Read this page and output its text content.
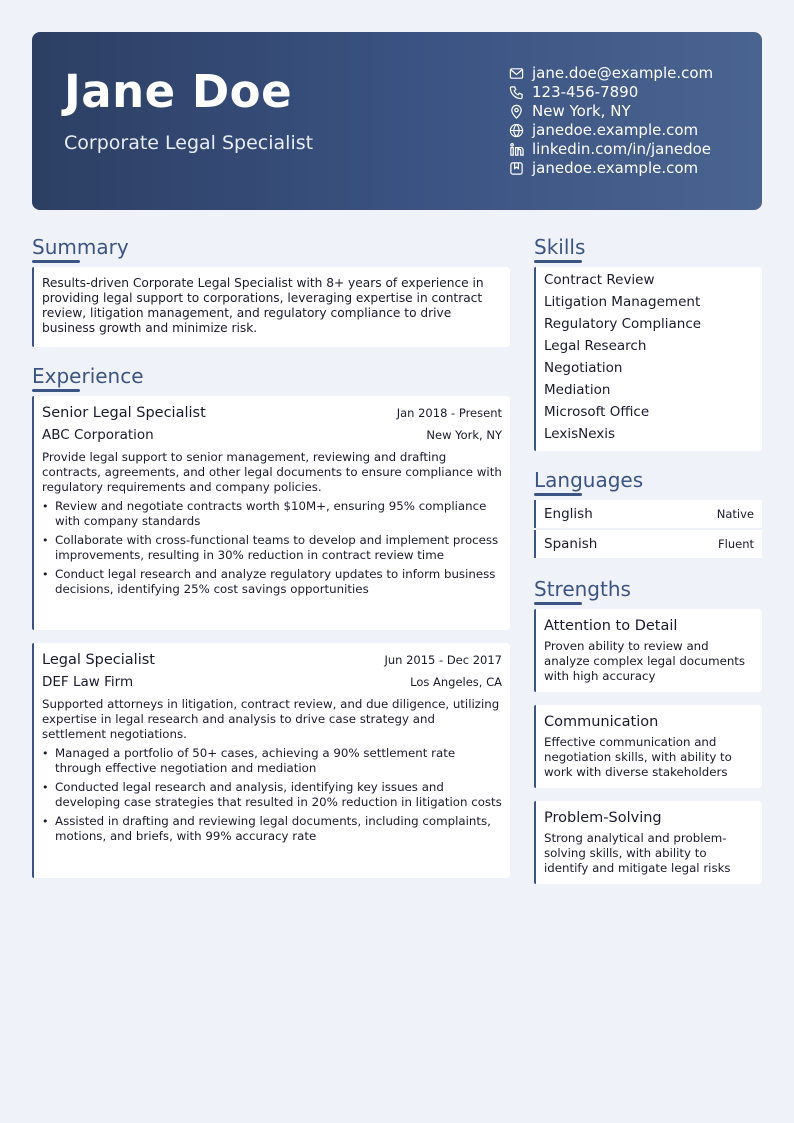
Jane Doe
Corporate Legal Specialist
jane.doe@example.com
123-456-7890
New York, NY
janedoe.example.com
linkedin.com/in/janedoe
janedoe.example.com
Summary
Results-driven Corporate Legal Specialist with 8+ years of experience in providing legal support to corporations, leveraging expertise in contract review, litigation management, and regulatory compliance to drive business growth and minimize risk.
Experience
Senior Legal Specialist	Jan 2018 - Present
ABC Corporation	New York, NY
Provide legal support to senior management, reviewing and drafting contracts, agreements, and other legal documents to ensure compliance with regulatory requirements and company policies.
• Review and negotiate contracts worth $10M+, ensuring 95% compliance with company standards
• Collaborate with cross-functional teams to develop and implement process improvements, resulting in 30% reduction in contract review time
• Conduct legal research and analyze regulatory updates to inform business decisions, identifying 25% cost savings opportunities
Legal Specialist	Jun 2015 - Dec 2017
DEF Law Firm	Los Angeles, CA
Supported attorneys in litigation, contract review, and due diligence, utilizing expertise in legal research and analysis to drive case strategy and settlement negotiations.
• Managed a portfolio of 50+ cases, achieving a 90% settlement rate through effective negotiation and mediation
• Conducted legal research and analysis, identifying key issues and developing case strategies that resulted in 20% reduction in litigation costs
• Assisted in drafting and reviewing legal documents, including complaints, motions, and briefs, with 99% accuracy rate
Skills
Contract Review
Litigation Management
Regulatory Compliance
Legal Research
Negotiation
Mediation
Microsoft Office
LexisNexis
Languages
English	Native
Spanish	Fluent
Strengths
Attention to Detail
Proven ability to review and analyze complex legal documents with high accuracy
Communication
Effective communication and negotiation skills, with ability to work with diverse stakeholders
Problem-Solving
Strong analytical and problem-solving skills, with ability to identify and mitigate legal risks
